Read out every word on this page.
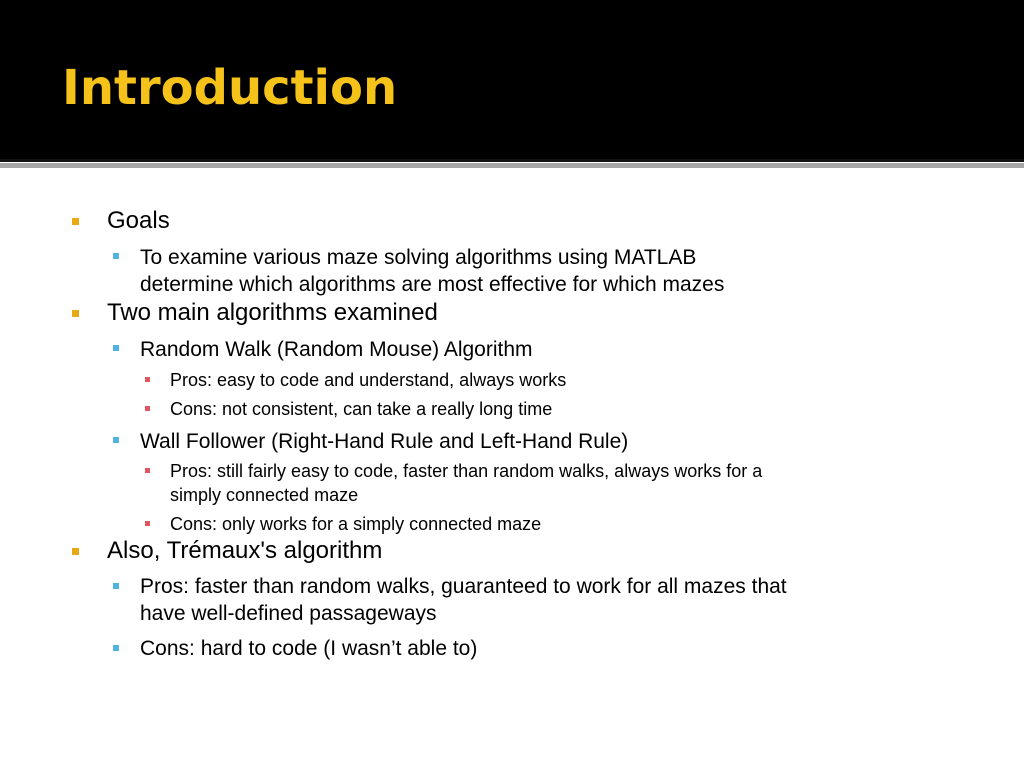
Introduction
Goals
To examine various maze solving algorithms using MATLAB
determine which algorithms are most effective for which mazes
Two main algorithms examined
Random Walk (Random Mouse) Algorithm
Pros: easy to code and understand, always works
Cons: not consistent, can take a really long time
Wall Follower (Right-Hand Rule and Left-Hand Rule)
Pros: still fairly easy to code, faster than random walks, always works for a
simply connected maze
Cons: only works for a simply connected maze
Also, Trémaux's algorithm
Pros: faster than random walks, guaranteed to work for all mazes that
have well-defined passageways
Cons: hard to code (I wasn’t able to)
